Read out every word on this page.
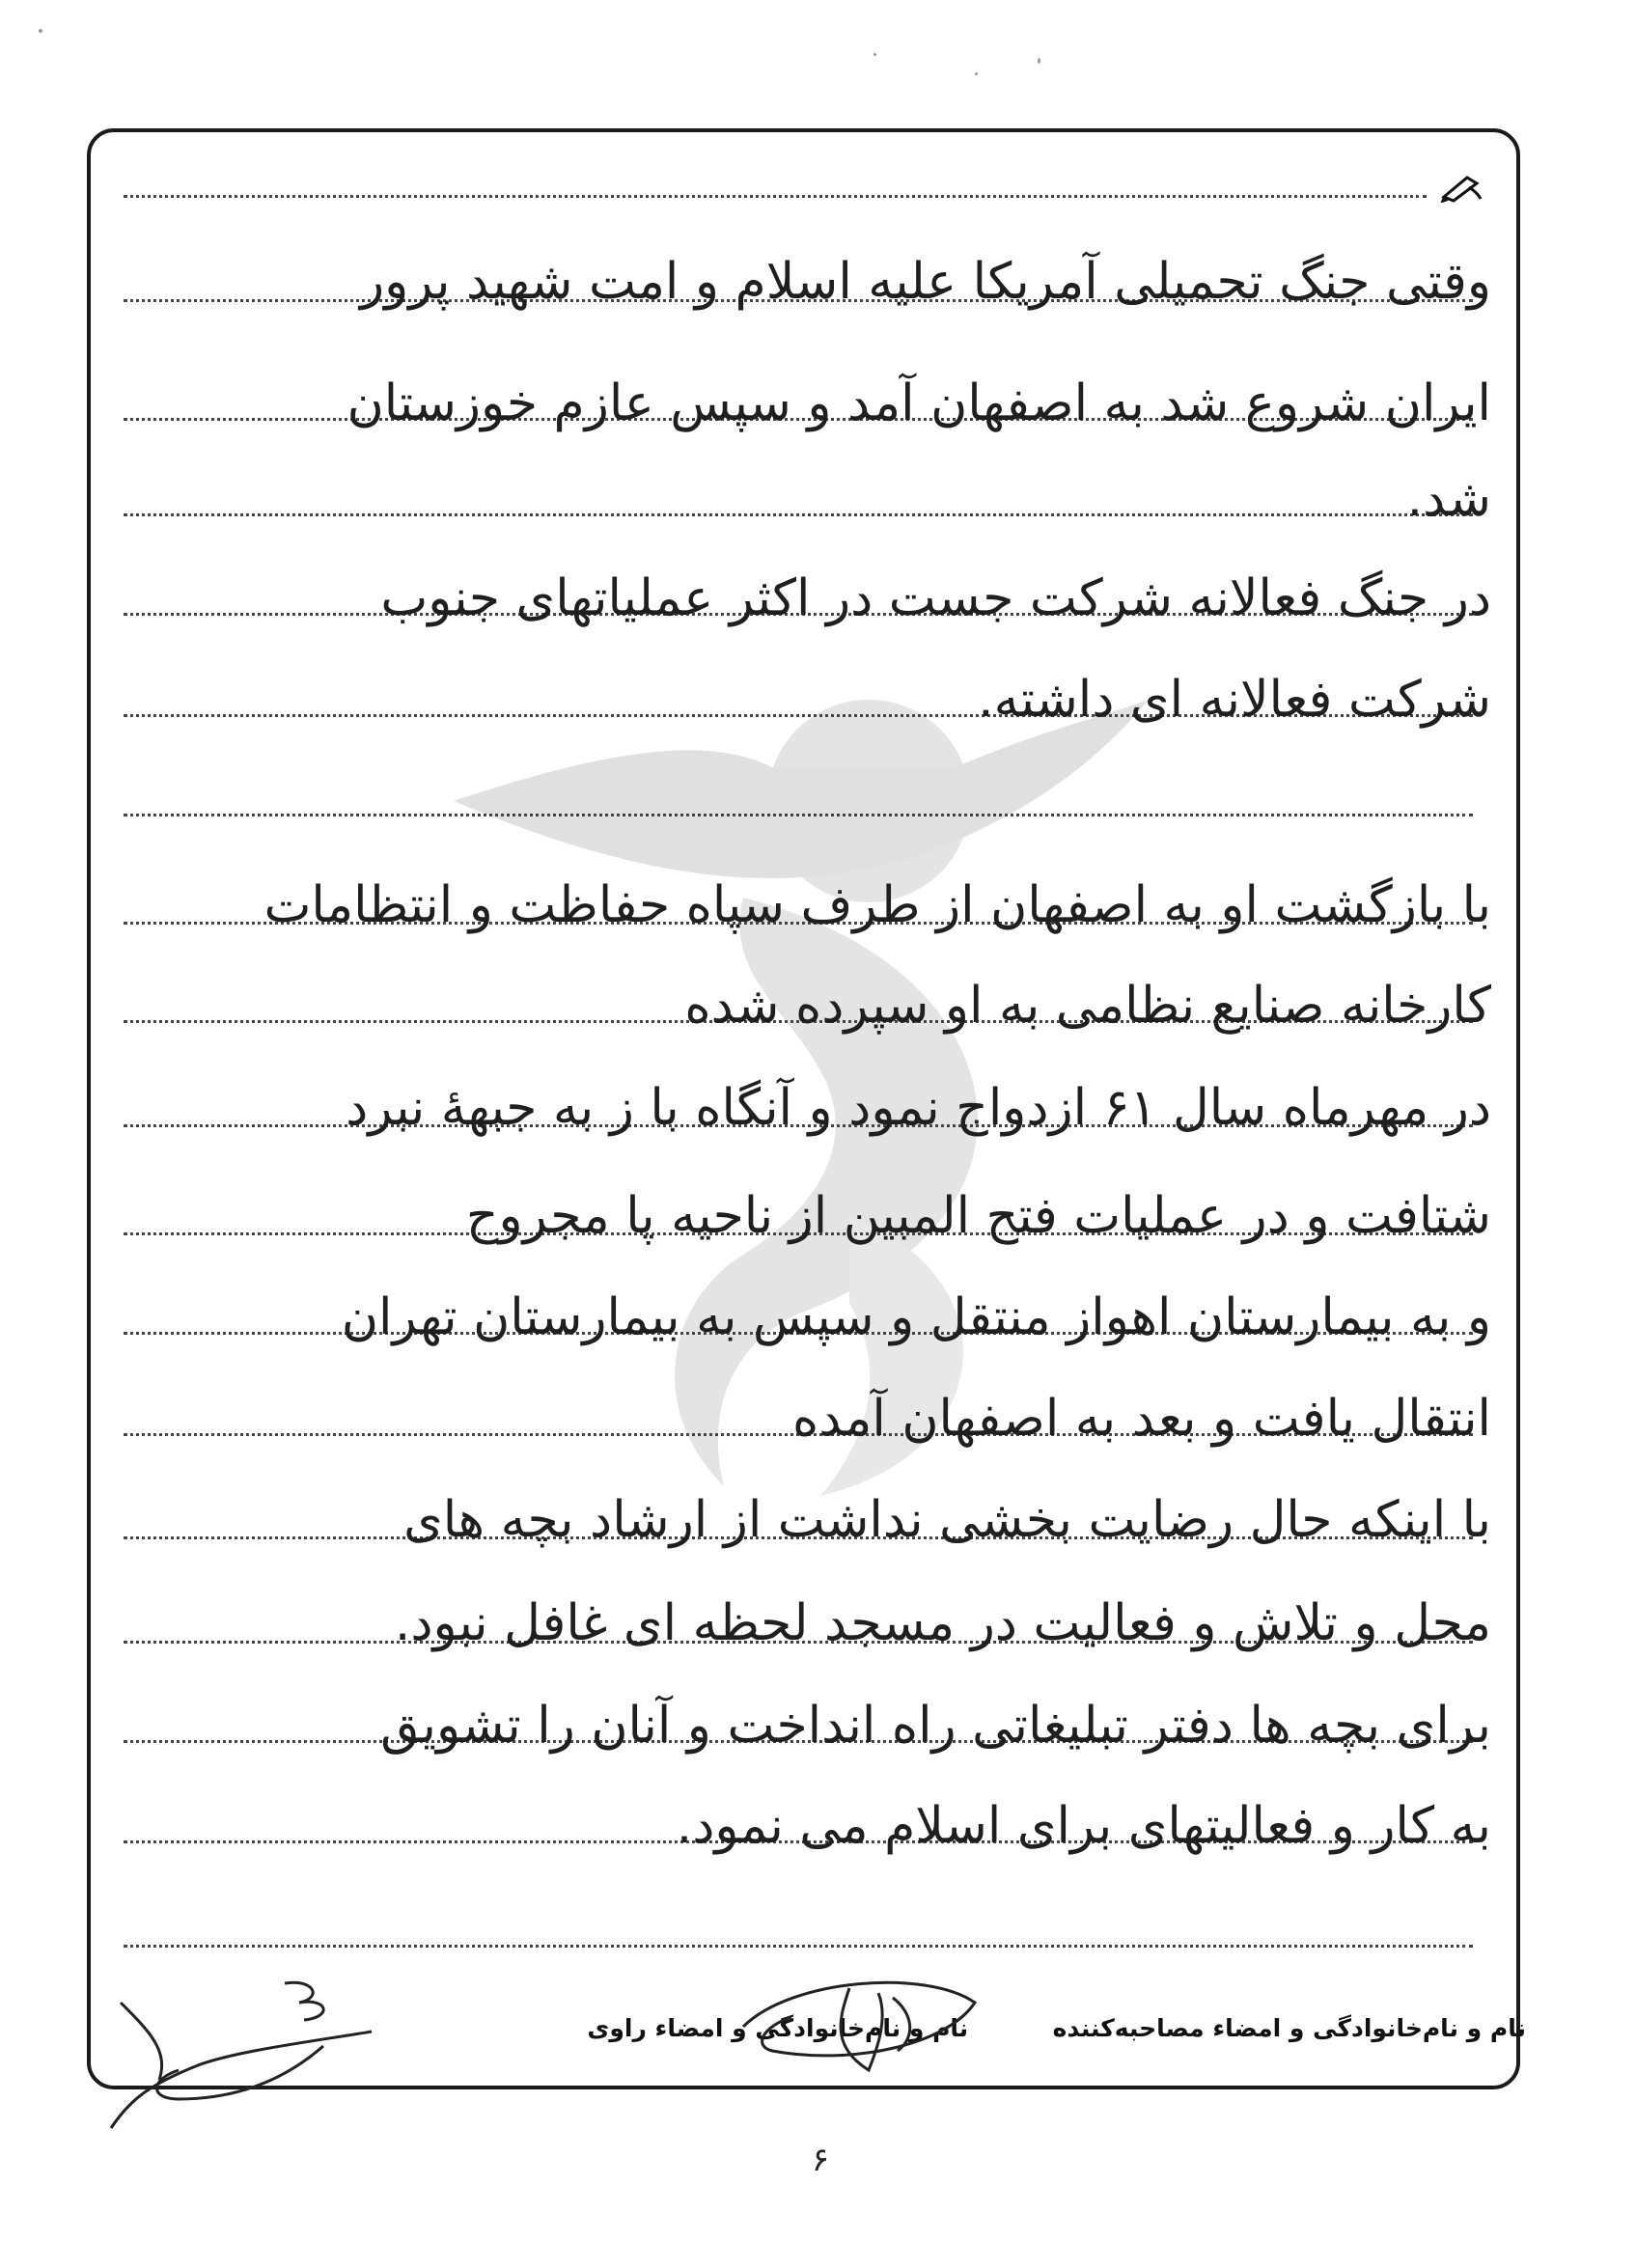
وقتی جنگ تحمیلی آمریکا علیه اسلام و امت شهید پرور
ایران شروع شد به اصفهان آمد و سپس عازم خوزستان
شد.
در جنگ فعالانه شرکت جست در اکثر عملیاتهای جنوب
شرکت فعالانه ای داشته.
با بازگشت او به اصفهان از طرف سپاه حفاظت و انتظامات
کارخانه صنایع نظامی به او سپرده شده
در مهرماه سال ۶۱ ازدواج نمود و آنگاه با ز به جبههٔ نبرد
شتافت و در عملیات فتح المبین از ناحیه پا مجروح
و به بیمارستان اهواز منتقل و سپس به بیمارستان تهران
انتقال یافت و بعد به اصفهان آمده
با اینکه حال رضایت بخشی نداشت از ارشاد بچه های
محل و تلاش و فعالیت در مسجد لحظه ای غافل نبود.
برای بچه ها دفتر تبلیغاتی راه انداخت و آنان را تشویق
به کار و فعالیتهای برای اسلام می نمود.
نام و نام‌خانوادگی و امضاء مصاحبه‌کننده  نام و نام‌خانوادگی و امضاء راوی
۶
